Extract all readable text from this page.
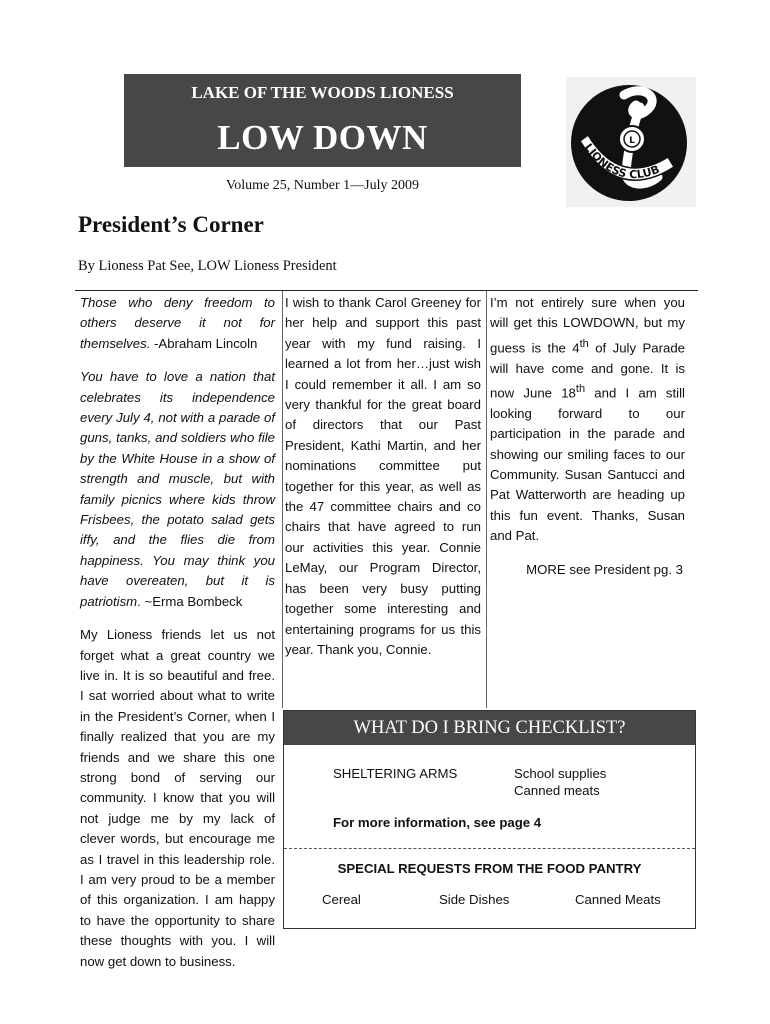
LAKE OF THE WOODS LIONESS
LOW DOWN
Volume 25, Number 1—July 2009
L
LIONESS CLUB
President’s Corner
By Lioness Pat See, LOW Lioness President

Those who deny freedom to others deserve it not for themselves. -Abraham Lincoln

You have to love a nation that celebrates its independence every July 4, not with a parade of guns, tanks, and soldiers who file by the White House in a show of strength and muscle, but with family picnics where kids throw Frisbees, the potato salad gets iffy, and the flies die from happiness. You may think you have overeaten, but it is patriotism. ~Erma Bombeck

My Lioness friends let us not forget what a great country we live in. It is so beautiful and free. I sat worried about what to write in the President’s Corner, when I finally realized that you are my friends and we share this one strong bond of serving our community. I know that you will not judge me by my lack of clever words, but encourage me as I travel in this leadership role. I am very proud to be a member of this organization. I am happy to have the opportunity to share these thoughts with you. I will now get down to business.

I wish to thank Carol Greeney for her help and support this past year with my fund raising. I learned a lot from her…just wish I could remember it all. I am so very thankful for the great board of directors that our Past President, Kathi Martin, and her nominations committee put together for this year, as well as the 47 committee chairs and co chairs that have agreed to run our activities this year. Connie LeMay, our Program Director, has been very busy putting together some interesting and entertaining programs for us this year. Thank you, Connie.

I’m not entirely sure when you will get this LOWDOWN, but my guess is the 4th of July Parade will have come and gone. It is now June 18th and I am still looking forward to our participation in the parade and showing our smiling faces to our Community. Susan Santucci and Pat Watterworth are heading up this fun event. Thanks, Susan and Pat.

MORE see President pg. 3

WHAT DO I BRING CHECKLIST?
SHELTERING ARMS	School supplies
Canned meats
For more information, see page 4
SPECIAL REQUESTS FROM THE FOOD PANTRY
Cereal	Side Dishes	Canned Meats
